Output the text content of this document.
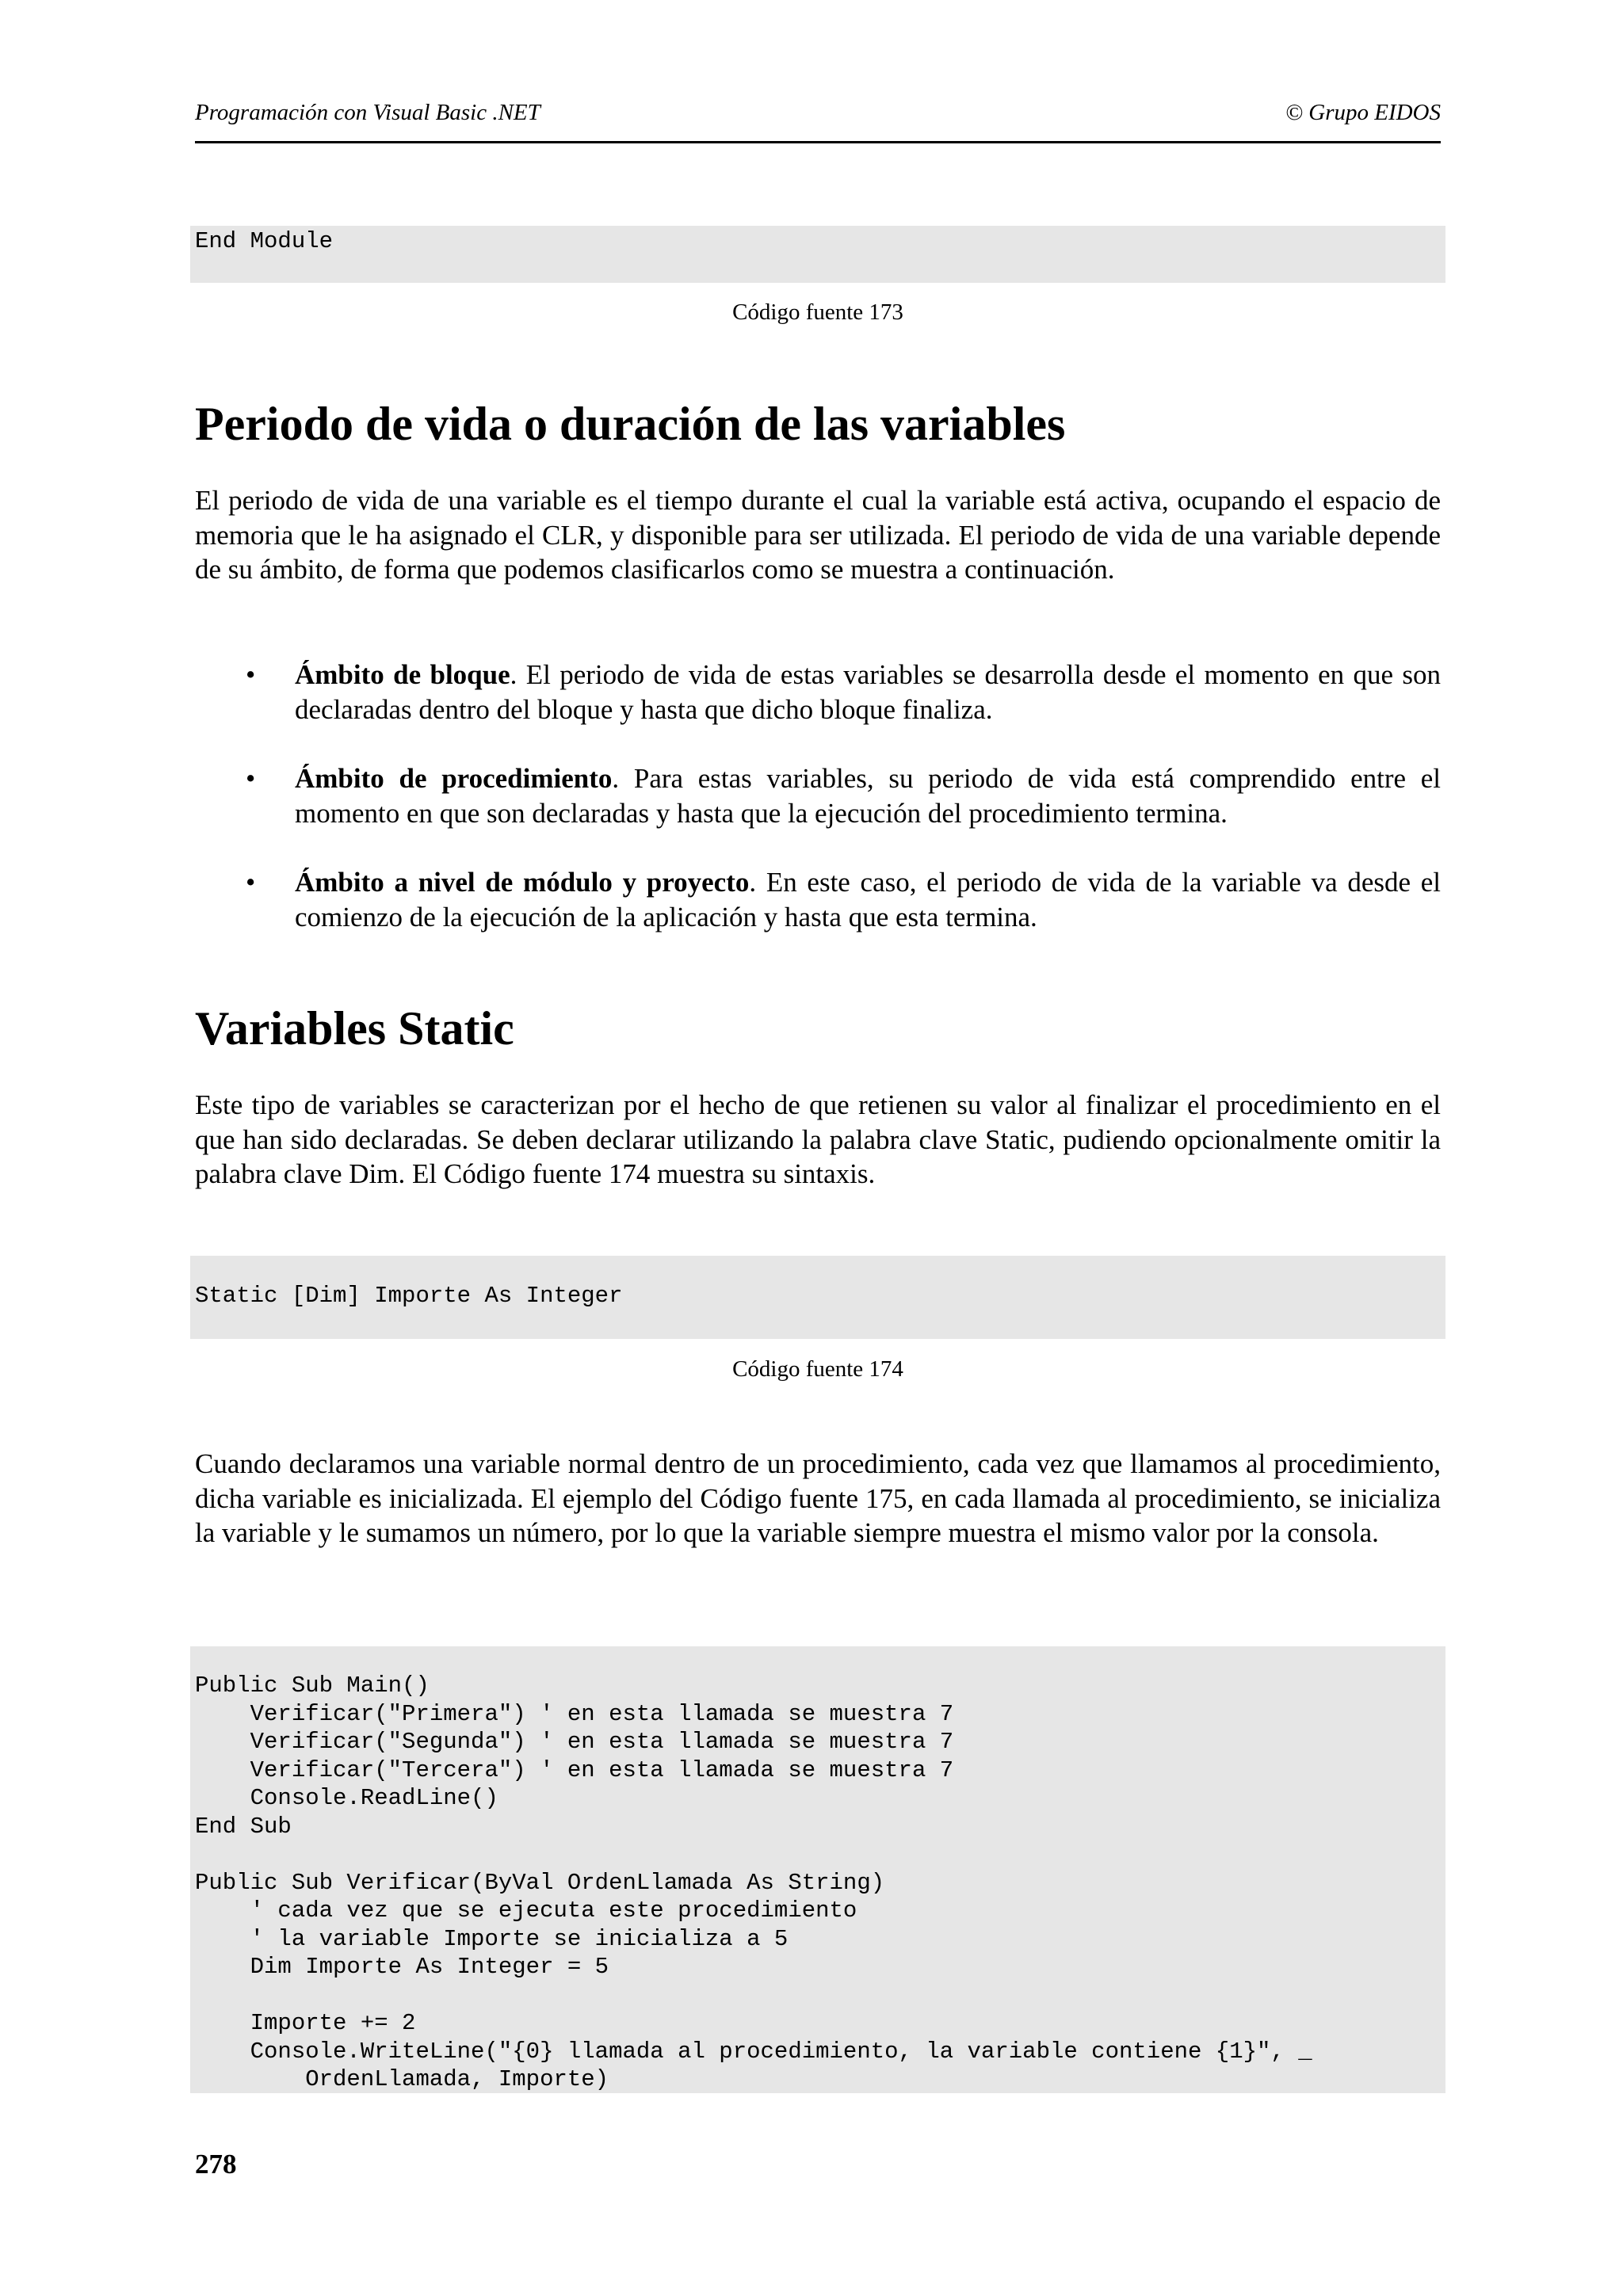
Programación con Visual Basic .NET	© Grupo EIDOS
End Module
Código fuente 173
Periodo de vida o duración de las variables

El periodo de vida de una variable es el tiempo durante el cual la variable está activa, ocupando el espacio de memoria que le ha asignado el CLR, y disponible para ser utilizada. El periodo de vida de una variable depende de su ámbito, de forma que podemos clasificarlos como se muestra a continuación.

• Ámbito de bloque. El periodo de vida de estas variables se desarrolla desde el momento en que son declaradas dentro del bloque y hasta que dicho bloque finaliza.
• Ámbito de procedimiento. Para estas variables, su periodo de vida está comprendido entre el momento en que son declaradas y hasta que la ejecución del procedimiento termina.
• Ámbito a nivel de módulo y proyecto. En este caso, el periodo de vida de la variable va desde el comienzo de la ejecución de la aplicación y hasta que esta termina.
Variables Static

Este tipo de variables se caracterizan por el hecho de que retienen su valor al finalizar el procedimiento en el que han sido declaradas. Se deben declarar utilizando la palabra clave Static, pudiendo opcionalmente omitir la palabra clave Dim. El Código fuente 174 muestra su sintaxis.

Static [Dim] Importe As Integer
Código fuente 174

Cuando declaramos una variable normal dentro de un procedimiento, cada vez que llamamos al procedimiento, dicha variable es inicializada. El ejemplo del Código fuente 175, en cada llamada al procedimiento, se inicializa la variable y le sumamos un número, por lo que la variable siempre muestra el mismo valor por la consola.

Public Sub Main()
Verificar("Primera") ' en esta llamada se muestra 7
Verificar("Segunda") ' en esta llamada se muestra 7
Verificar("Tercera") ' en esta llamada se muestra 7
Console.ReadLine()
End Sub

Public Sub Verificar(ByVal OrdenLlamada As String)
' cada vez que se ejecuta este procedimiento
' la variable Importe se inicializa a 5
Dim Importe As Integer = 5

Importe += 2
Console.WriteLine("{0} llamada al procedimiento, la variable contiene {1}", _
OrdenLlamada, Importe)
278
